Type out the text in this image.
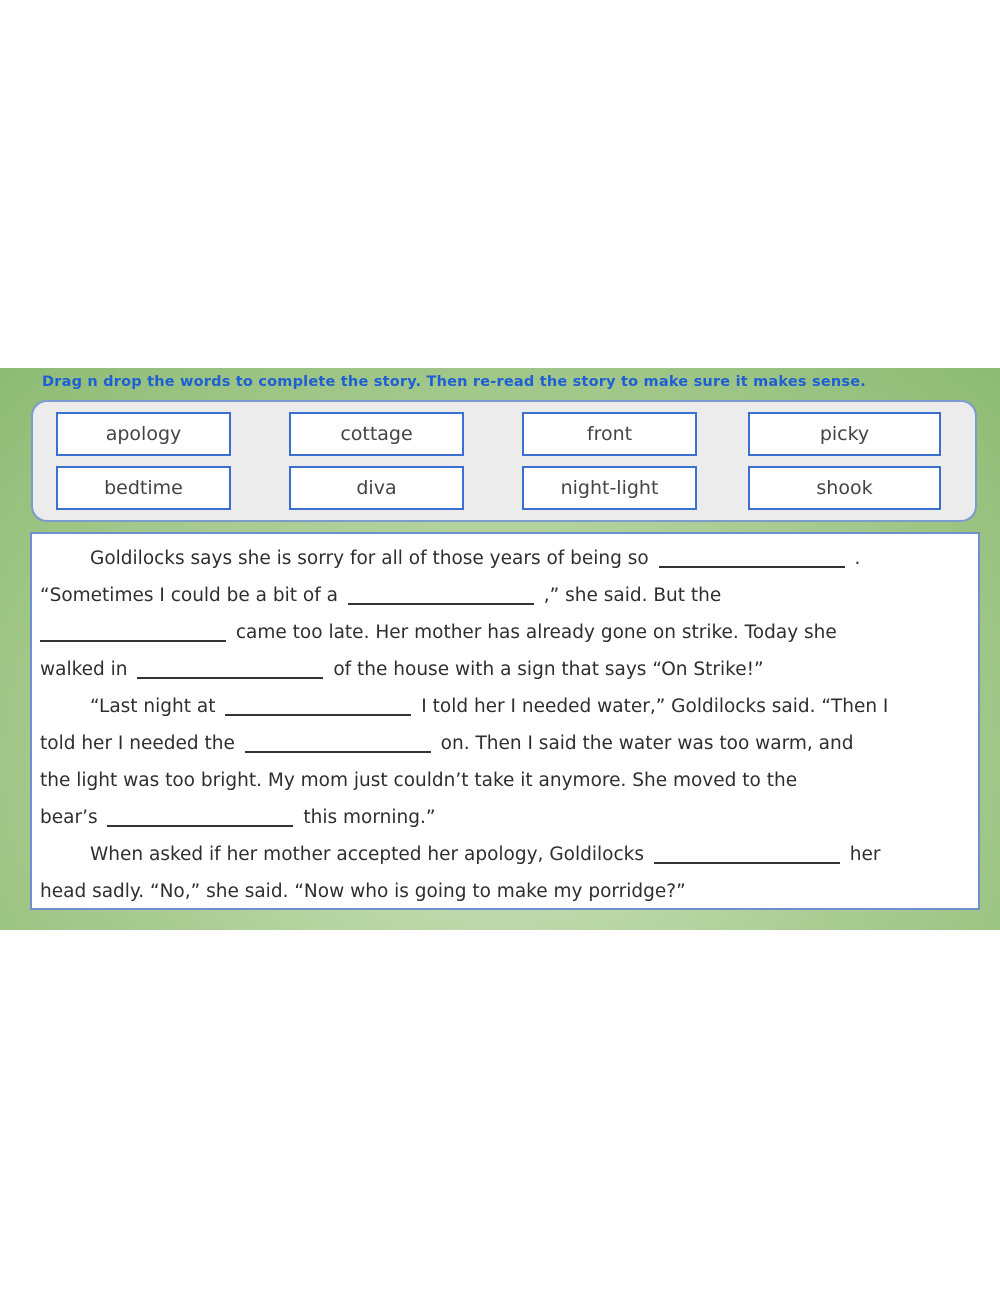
Drag n drop the words to complete the story. Then re-read the story to make sure it makes sense.
apology	cottage	front	picky
bedtime	diva	night-light	shook
Goldilocks says she is sorry for all of those years of being so	.
“Sometimes I could be a bit of a	,” she said. But the
came too late. Her mother has already gone on strike. Today she
walked in	of the house with a sign that says “On Strike!”
“Last night at	I told her I needed water,” Goldilocks said. “Then I
told her I needed the	on. Then I said the water was too warm, and
the light was too bright. My mom just couldn’t take it anymore. She moved to the
bear’s	this morning.”
When asked if her mother accepted her apology, Goldilocks	her
head sadly. “No,” she said. “Now who is going to make my porridge?”
